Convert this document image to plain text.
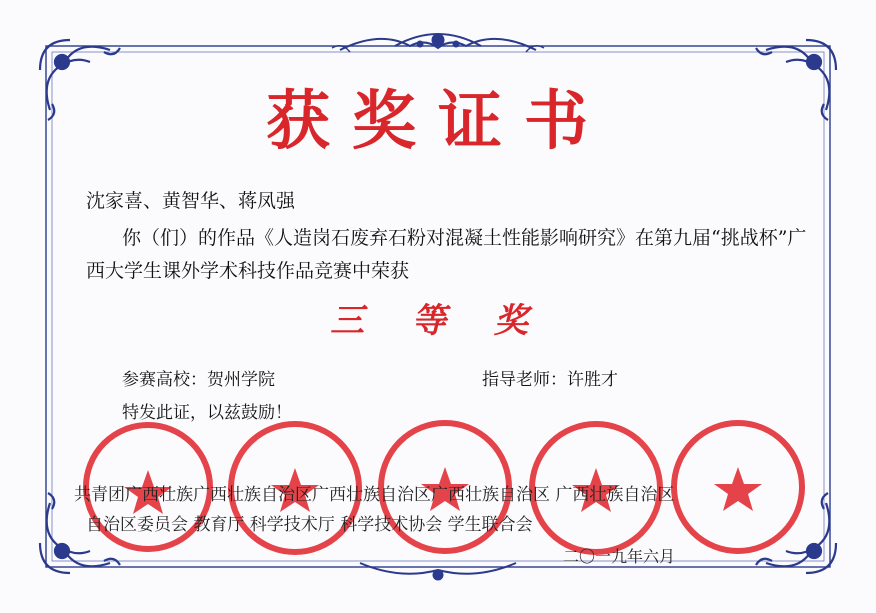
获奖证书
沈家喜、黄智华、蒋凤强
你（们）的作品《人造岗石废弃石粉对混凝土性能影响研究》在第九届“挑战杯”广西大学生课外学术科技作品竞赛中荣获
三 等 奖
参赛高校：贺州学院	指导老师：许胜才
特发此证，以兹鼓励！
共青团广西壮族广西壮族自治区广西壮族自治区广西壮族自治区 广西壮族自治区
自治区委员会 教育厅 科学技术厅 科学技术协会 学生联合会
二〇一九年六月
